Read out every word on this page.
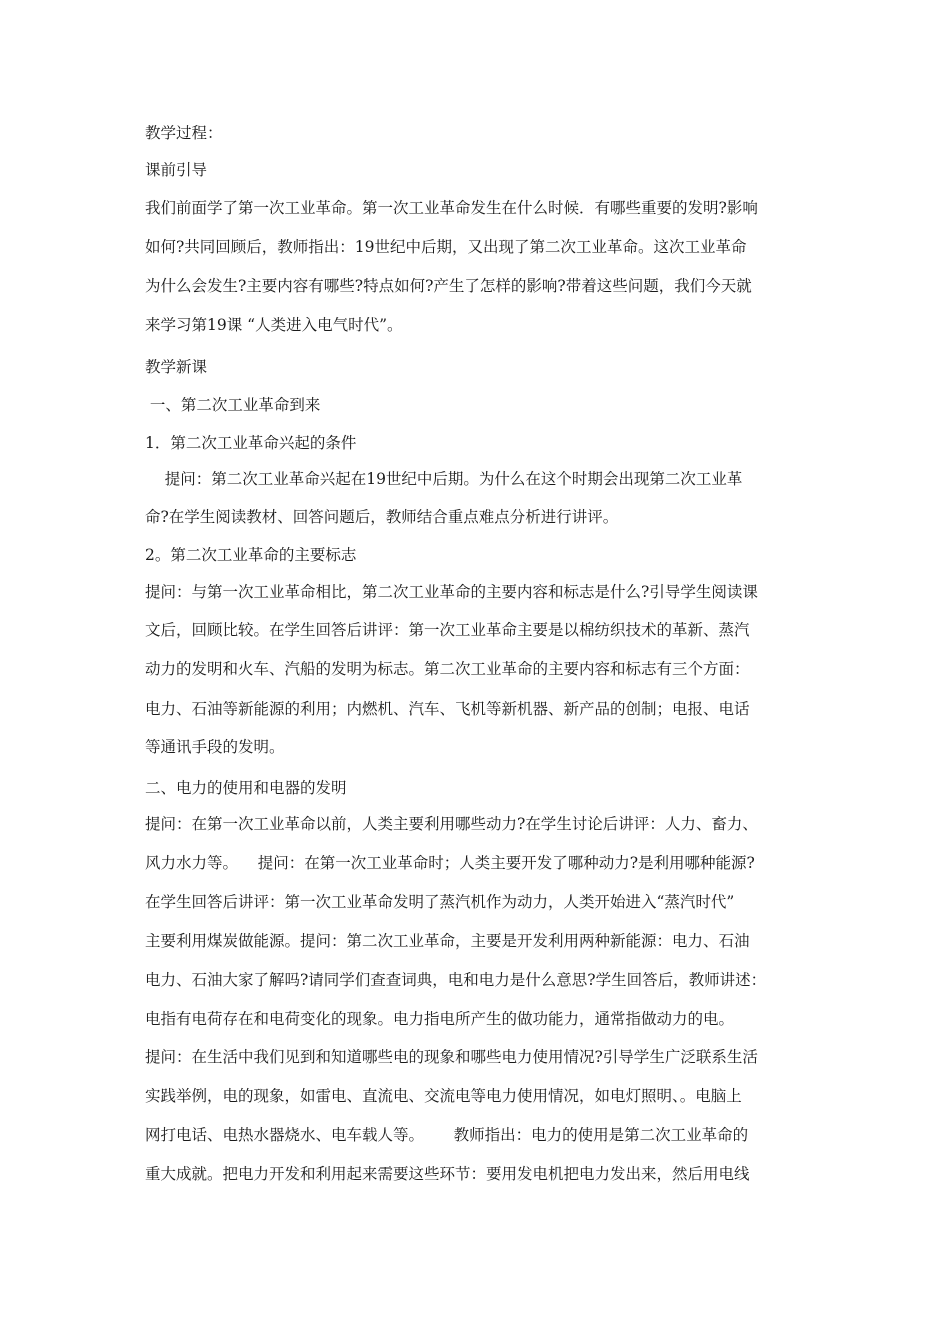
教学过程：
课前引导
我们前面学了第一次工业革命。第一次工业革命发生在什么时候．有哪些重要的发明?影响
如何?共同回顾后，教师指出：19世纪中后期，又出现了第二次工业革命。这次工业革命
为什么会发生?主要内容有哪些?特点如何?产生了怎样的影响?带着这些问题，我们今天就
来学习第19课 “人类进入电气时代”。
教学新课
一、第二次工业革命到来
1．第二次工业革命兴起的条件
提问：第二次工业革命兴起在19世纪中后期。为什么在这个时期会出现第二次工业革
命?在学生阅读教材、回答问题后，教师结合重点难点分析进行讲评。
2。第二次工业革命的主要标志
提问：与第一次工业革命相比，第二次工业革命的主要内容和标志是什么?引导学生阅读课
文后，回顾比较。在学生回答后讲评：第一次工业革命主要是以棉纺织技术的革新、蒸汽
动力的发明和火车、汽船的发明为标志。第二次工业革命的主要内容和标志有三个方面：
电力、石油等新能源的利用；内燃机、汽车、飞机等新机器、新产品的创制；电报、电话
等通讯手段的发明。
二、电力的使用和电器的发明
提问：在第一次工业革命以前，人类主要利用哪些动力?在学生讨论后讲评：人力、畜力、
风力水力等。    提问：在第一次工业革命时；人类主要开发了哪种动力?是利用哪种能源?
在学生回答后讲评：第一次工业革命发明了蒸汽机作为动力，人类开始进入“蒸汽时代”
主要利用煤炭做能源。提问：第二次工业革命，主要是开发利用两种新能源：电力、石油
电力、石油大家了解吗?请同学们查查词典，电和电力是什么意思?学生回答后，教师讲述：
电指有电荷存在和电荷变化的现象。电力指电所产生的做功能力，通常指做动力的电。
提问：在生活中我们见到和知道哪些电的现象和哪些电力使用情况?引导学生广泛联系生活
实践举例，电的现象，如雷电、直流电、交流电等电力使用情况，如电灯照明、。电脑上
网打电话、电热水器烧水、电车载人等。      教师指出：电力的使用是第二次工业革命的
重大成就。把电力开发和利用起来需要这些环节：要用发电机把电力发出来，然后用电线
